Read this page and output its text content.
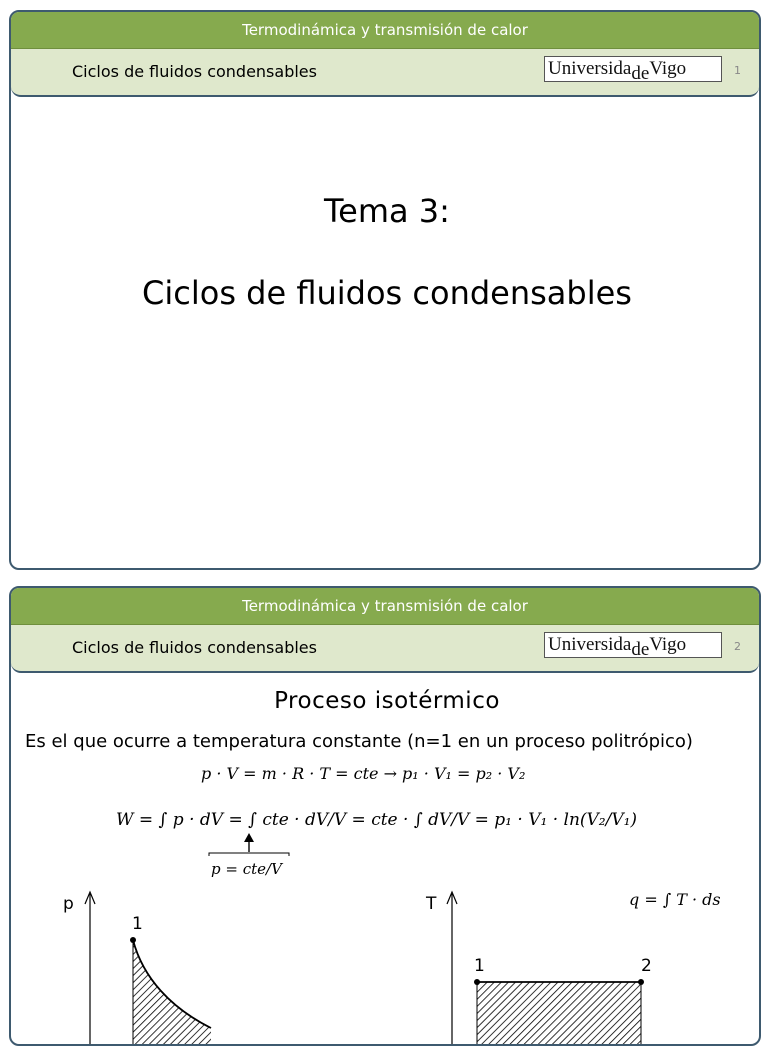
Termodinámica y transmisión de calor
Ciclos de fluidos condensables	UniversidadeVigo	1
Tema 3:
Ciclos de fluidos condensables
Termodinámica y transmisión de calor
Ciclos de fluidos condensables	UniversidadeVigo	2
Proceso isotérmico
Es el que ocurre a temperatura constante (n=1 en un proceso politrópico)
p · V = m · R · T = cte → p₁ · V₁ = p₂ · V₂
W = ∫ p · dV = ∫ cte · dV/V = cte · ∫ dV/V = p₁ · V₁ · ln(V₂/V₁)
p = cte/V
q = ∫ T · ds
p
1
T
1	2
